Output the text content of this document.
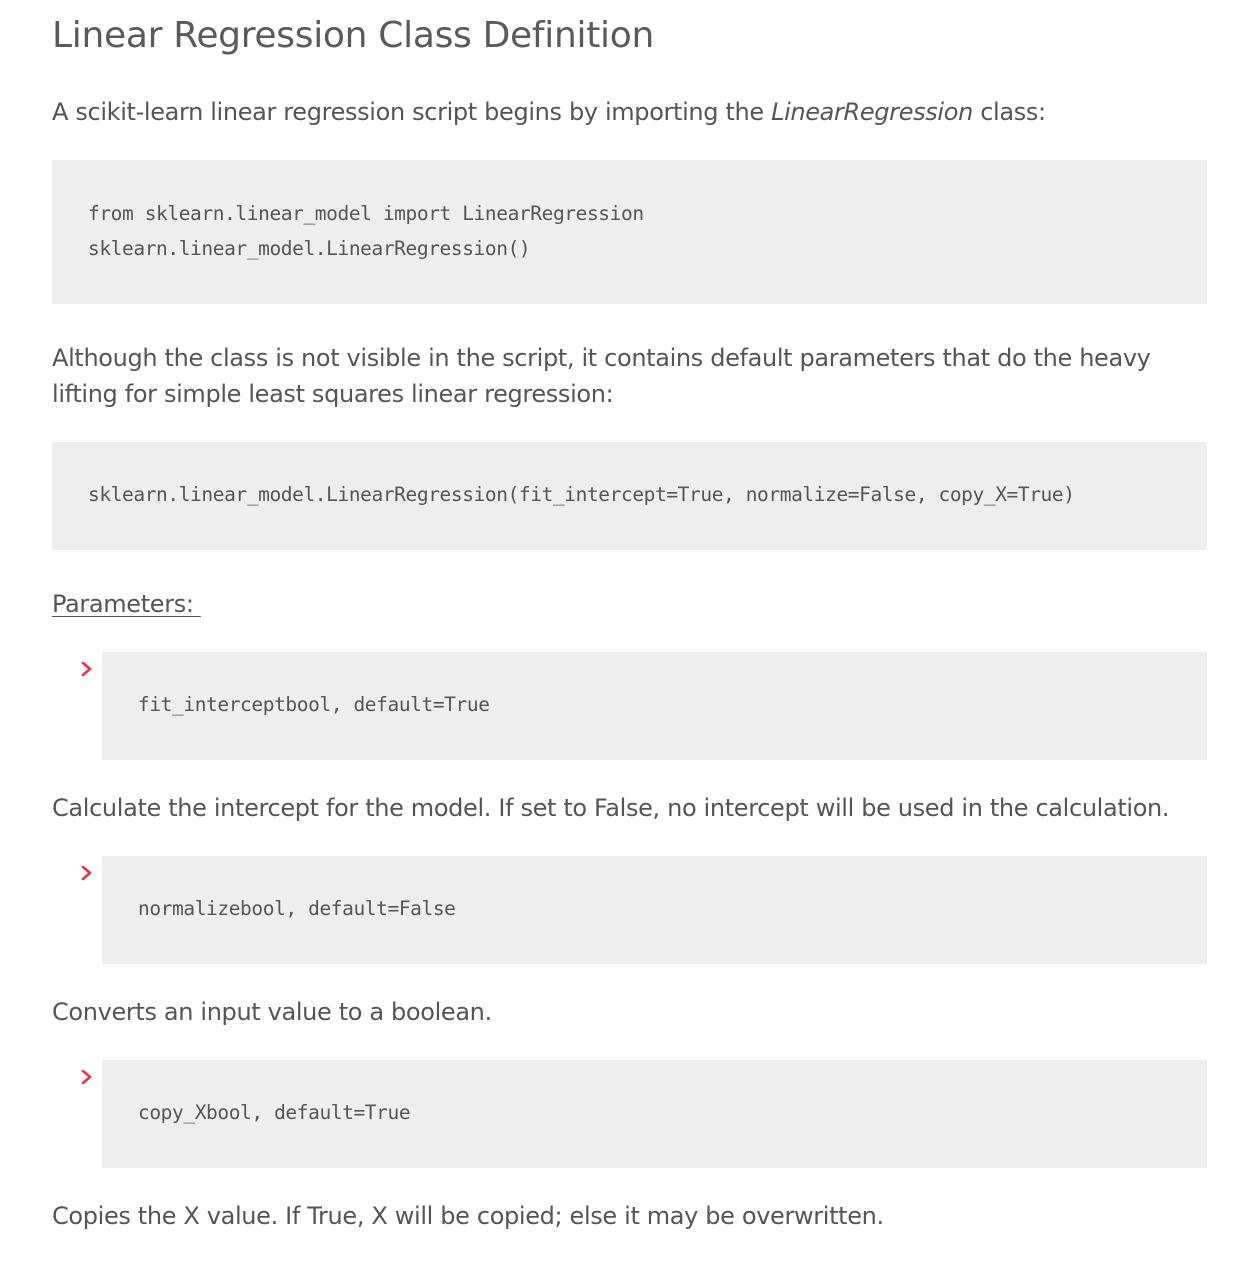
Linear Regression Class Definition

A scikit-learn linear regression script begins by importing the LinearRegression class:

from sklearn.linear_model import LinearRegression
sklearn.linear_model.LinearRegression()

Although the class is not visible in the script, it contains default parameters that do the heavy lifting for simple least squares linear regression:

sklearn.linear_model.LinearRegression(fit_intercept=True, normalize=False, copy_X=True)
Parameters:
fit_interceptbool, default=True

Calculate the intercept for the model. If set to False, no intercept will be used in the calculation.

normalizebool, default=False

Converts an input value to a boolean.

copy_Xbool, default=True

Copies the X value. If True, X will be copied; else it may be overwritten.
